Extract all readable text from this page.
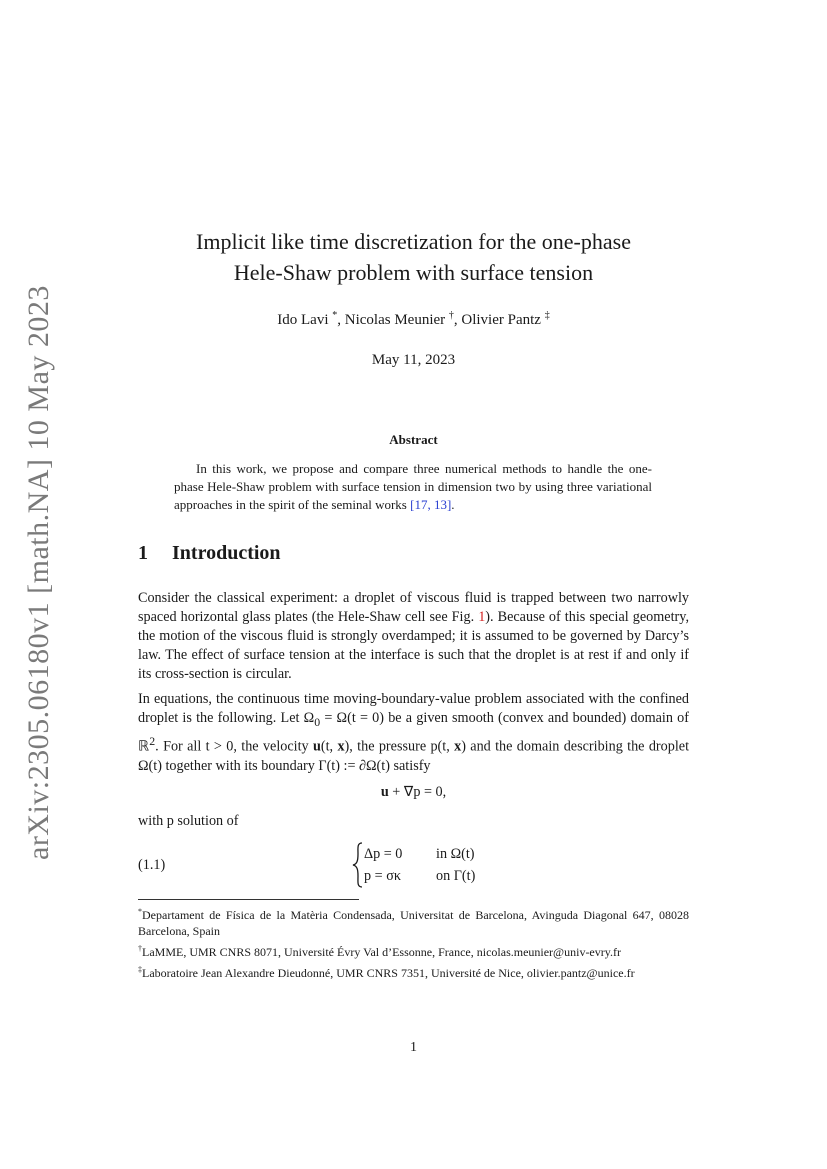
arXiv:2305.06180v1 [math.NA] 10 May 2023
Implicit like time discretization for the one-phase
Hele-Shaw problem with surface tension
Ido Lavi *, Nicolas Meunier †, Olivier Pantz ‡
May 11, 2023
Abstract
In this work, we propose and compare three numerical methods to handle the one-phase Hele-Shaw problem with surface tension in dimension two by using three variational approaches in the spirit of the seminal works [17, 13].
1 Introduction
Consider the classical experiment: a droplet of viscous fluid is trapped between two narrowly spaced horizontal glass plates (the Hele-Shaw cell see Fig. 1). Because of this special geometry, the motion of the viscous fluid is strongly overdamped; it is assumed to be governed by Darcy’s law. The effect of surface tension at the interface is such that the droplet is at rest if and only if its cross-section is circular.
In equations, the continuous time moving-boundary-value problem associated with the confined droplet is the following. Let $\Omega_0 = \Omega(t = 0)$ be a given smooth (convex and bounded) domain of ℝ$^2$. For all t > 0, the velocity u(t, x), the pressure p(t, x) and the domain describing the droplet Ω(t) together with its boundary Γ(t) := ∂Ω(t) satisfy
u + ∇p = 0,
with p solution of
(1.1)
Δp = 0 in Ω(t)
p = σκ on Γ(t)
*Departament de Física de la Matèria Condensada, Universitat de Barcelona, Avinguda Diagonal 647, 08028 Barcelona, Spain
†LaMME, UMR CNRS 8071, Université Évry Val d’Essonne, France, nicolas.meunier@univ-evry.fr
‡Laboratoire Jean Alexandre Dieudonné, UMR CNRS 7351, Université de Nice, olivier.pantz@unice.fr
1
